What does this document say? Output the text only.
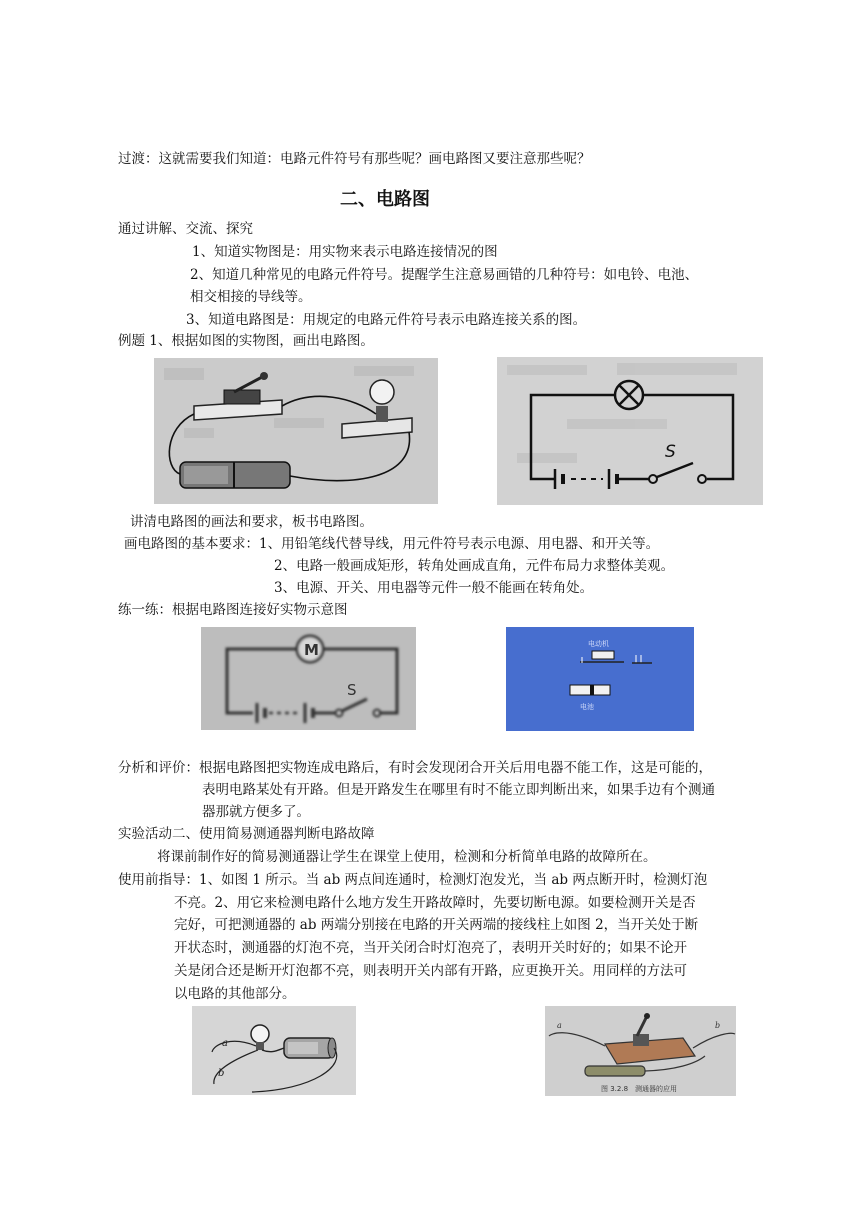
过渡：这就需要我们知道：电路元件符号有那些呢？画电路图又要注意那些呢？
二、电路图
通过讲解、交流、探究
1、知道实物图是：用实物来表示电路连接情况的图
2、知道几种常见的电路元件符号。提醒学生注意易画错的几种符号：如电铃、电池、
相交相接的导线等。
3、知道电路图是：用规定的电路元件符号表示电路连接关系的图。
例题 1、根据如图的实物图，画出电路图。
S
讲清电路图的画法和要求，板书电路图。
画电路图的基本要求：1、用铅笔线代替导线，用元件符号表示电源、用电器、和开关等。
2、电路一般画成矩形，转角处画成直角，元件布局力求整体美观。
3、电源、开关、用电器等元件一般不能画在转角处。
练一练：根据电路图连接好实物示意图
M
S
电动机
电池
分析和评价：根据电路图把实物连成电路后，有时会发现闭合开关后用电器不能工作，这是可能的，
表明电路某处有开路。但是开路发生在哪里有时不能立即判断出来，如果手边有个测通
器那就方便多了。
实验活动二、使用简易测通器判断电路故障
将课前制作好的简易测通器让学生在课堂上使用，检测和分析简单电路的故障所在。
使用前指导：1、如图 1 所示。当 ab 两点间连通时，检测灯泡发光，当 ab 两点断开时，检测灯泡
不亮。2、用它来检测电路什么地方发生开路故障时，先要切断电源。如要检测开关是否
完好，可把测通器的 ab 两端分别接在电路的开关两端的接线柱上如图 2，当开关处于断
开状态时，测通器的灯泡不亮，当开关闭合时灯泡亮了，表明开关时好的；如果不论开
关是闭合还是断开灯泡都不亮，则表明开关内部有开路，应更换开关。用同样的方法可
以电路的其他部分。
a
b
a	b
图 3.2.8　测通器的应用
